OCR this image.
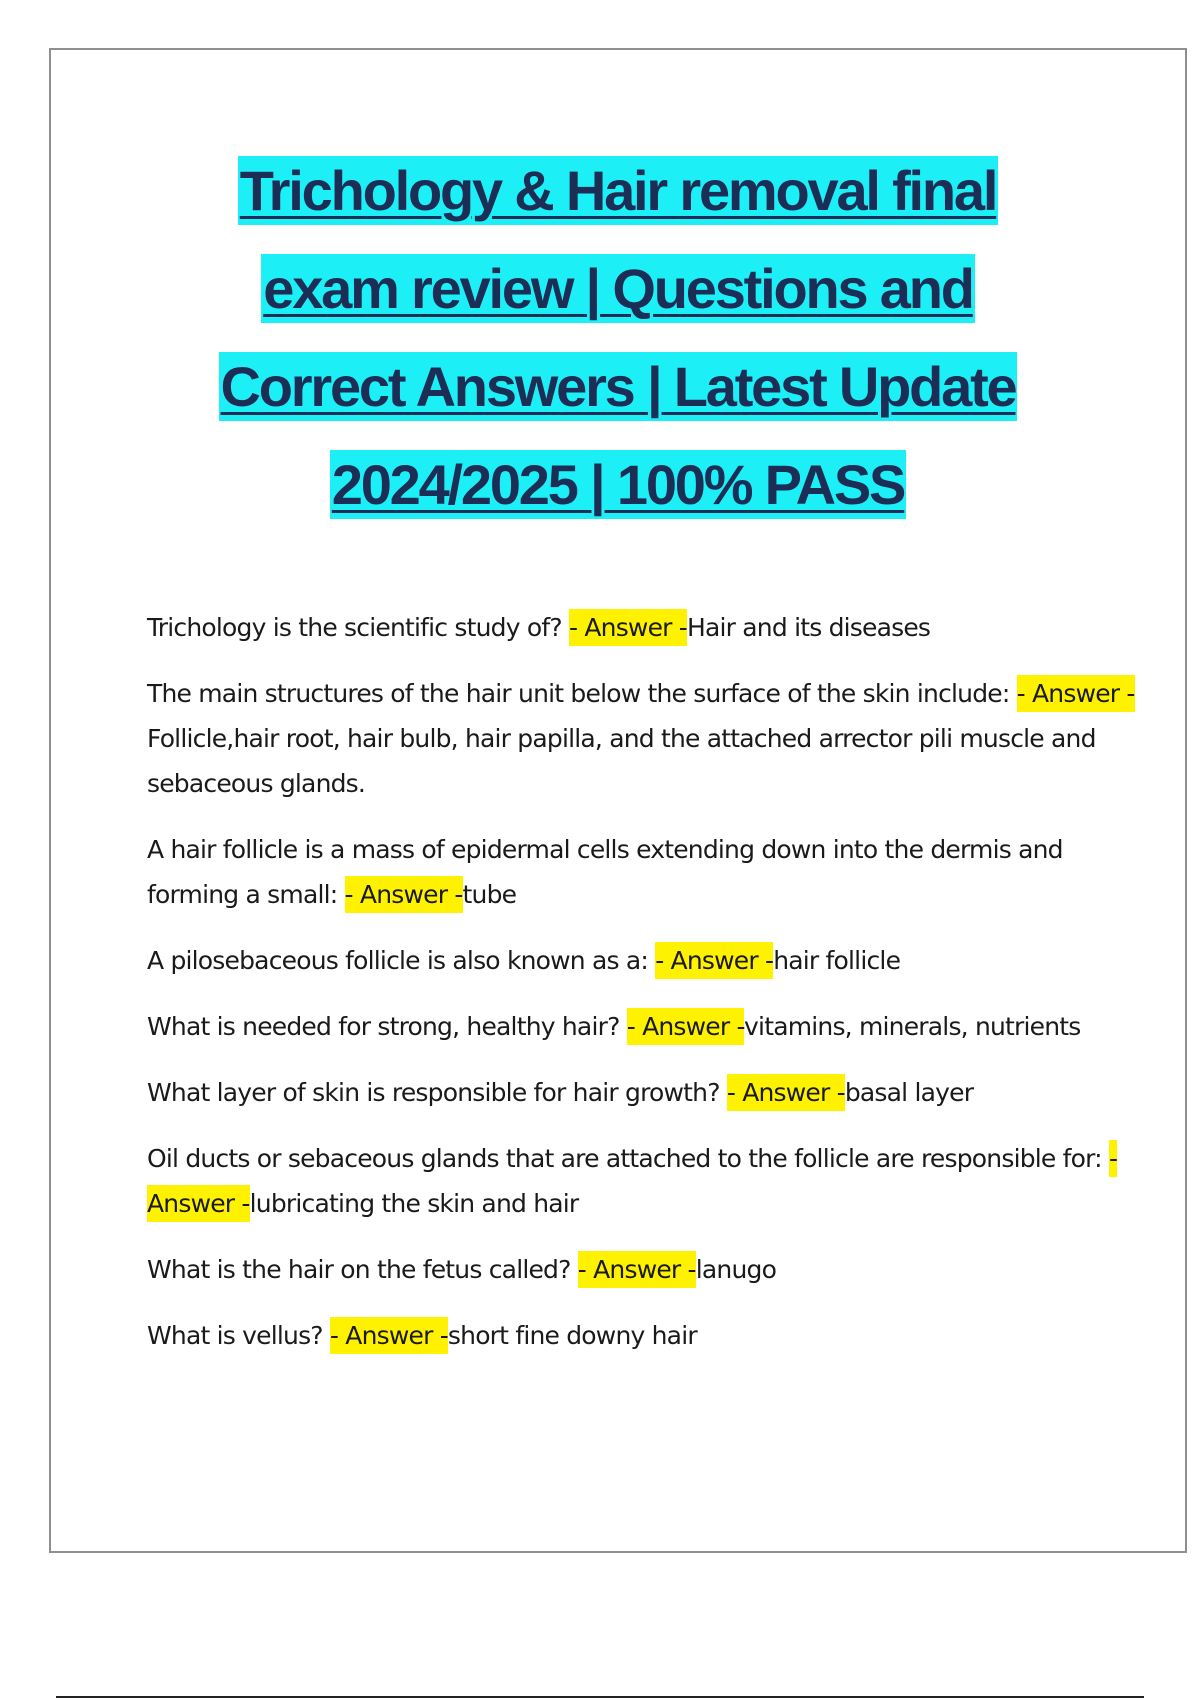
Trichology & Hair removal final
exam review | Questions and
Correct Answers | Latest Update
2024/2025 | 100% PASS

Trichology is the scientific study of? - Answer -Hair and its diseases

The main structures of the hair unit below the surface of the skin include: - Answer -Follicle,hair root, hair bulb, hair papilla, and the attached arrector pili muscle and sebaceous glands.

A hair follicle is a mass of epidermal cells extending down into the dermis and forming a small: - Answer -tube

A pilosebaceous follicle is also known as a: - Answer -hair follicle

What is needed for strong, healthy hair? - Answer -vitamins, minerals, nutrients

What layer of skin is responsible for hair growth? - Answer -basal layer

Oil ducts or sebaceous glands that are attached to the follicle are responsible for: - Answer -lubricating the skin and hair

What is the hair on the fetus called? - Answer -lanugo

What is vellus? - Answer -short fine downy hair
